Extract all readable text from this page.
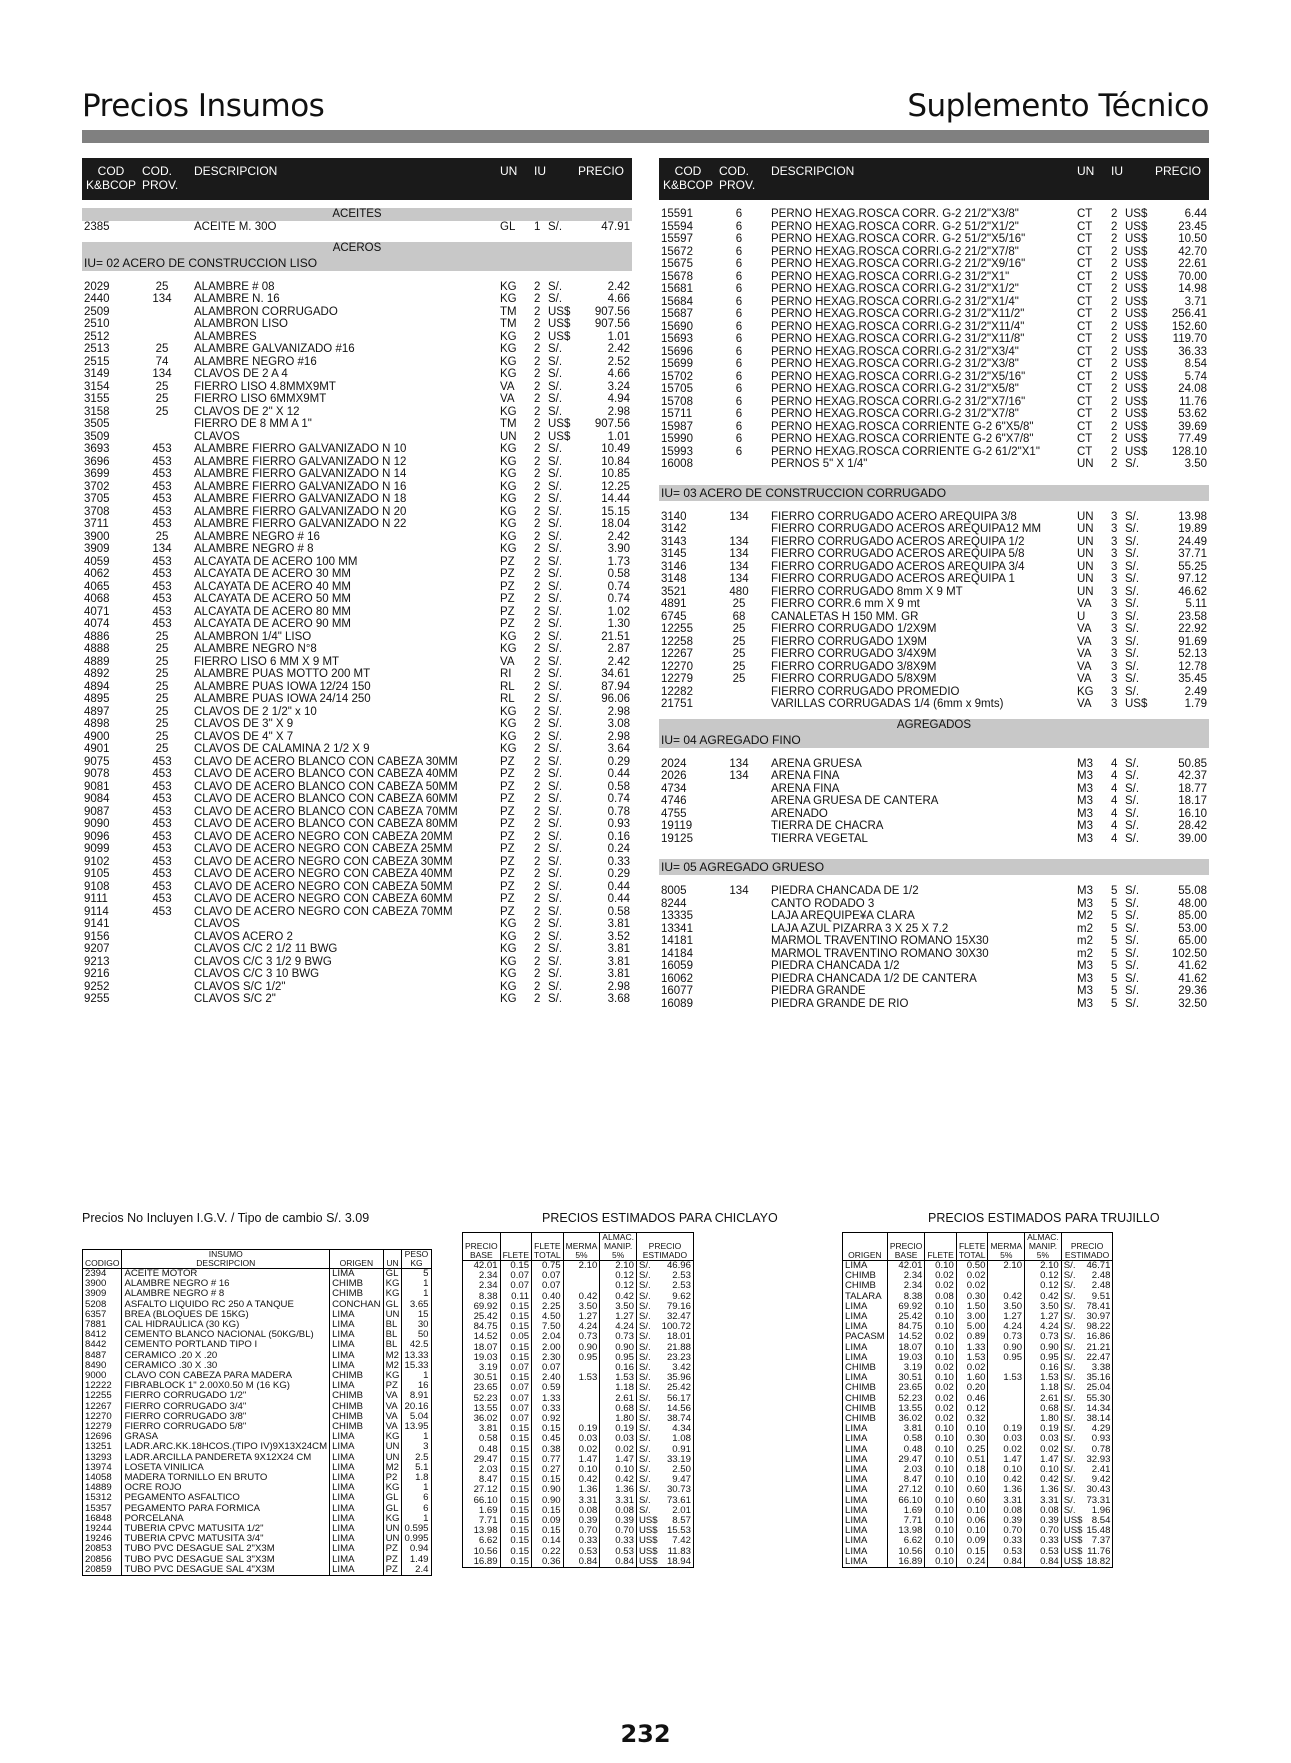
Precios Insumos	Suplemento Técnico
COD
K&BCOP
COD.
PROV.
DESCRIPCION	UN IU	PRECIO
ACEITES
2385	ACEITE M. 30O	GL 1 S/.	47.91
ACEROS
IU= 02 ACERO DE CONSTRUCCION LISO
2029	25	ALAMBRE # 08	KG 2 S/.	2.42
2440	134	ALAMBRE N. 16	KG 2 S/.	4.66
2509	ALAMBRON CORRUGADO	TM 2 US$ 907.56
2510	ALAMBRON LISO	TM 2 US$ 907.56
2512	ALAMBRES	KG 2 US$	1.01
2513	25	ALAMBRE GALVANIZADO #16	KG 2 S/.	2.42
2515	74	ALAMBRE NEGRO #16	KG 2 S/.	2.52
3149	134	CLAVOS DE 2 A 4	KG 2 S/.	4.66
3154	25	FIERRO LISO 4.8MMX9MT	VA 2 S/.	3.24
3155	25	FIERRO LISO 6MMX9MT	VA 2 S/.	4.94
3158	25	CLAVOS DE 2" X 12	KG 2 S/.	2.98
3505	FIERRO DE 8 MM A 1"	TM 2 US$ 907.56
3509	CLAVOS	UN 2 US$	1.01
3693	453	ALAMBRE FIERRO GALVANIZADO N 10	KG 2 S/.	10.49
3696	453	ALAMBRE FIERRO GALVANIZADO N 12	KG 2 S/.	10.84
3699	453	ALAMBRE FIERRO GALVANIZADO N 14	KG 2 S/.	10.85
3702	453	ALAMBRE FIERRO GALVANIZADO N 16	KG 2 S/.	12.25
3705	453	ALAMBRE FIERRO GALVANIZADO N 18	KG 2 S/.	14.44
3708	453	ALAMBRE FIERRO GALVANIZADO N 20	KG 2 S/.	15.15
3711	453	ALAMBRE FIERRO GALVANIZADO N 22	KG 2 S/.	18.04
3900	25	ALAMBRE NEGRO # 16	KG 2 S/.	2.42
3909	134	ALAMBRE NEGRO # 8	KG 2 S/.	3.90
4059	453	ALCAYATA DE ACERO 100 MM	PZ 2 S/.	1.73
4062	453	ALCAYATA DE ACERO 30 MM	PZ 2 S/.	0.58
4065	453	ALCAYATA DE ACERO 40 MM	PZ 2 S/.	0.74
4068	453	ALCAYATA DE ACERO 50 MM	PZ 2 S/.	0.74
4071	453	ALCAYATA DE ACERO 80 MM	PZ 2 S/.	1.02
4074	453	ALCAYATA DE ACERO 90 MM	PZ 2 S/.	1.30
4886	25	ALAMBRON 1/4" LISO	KG 2 S/.	21.51
4888	25	ALAMBRE NEGRO N°8	KG 2 S/.	2.87
4889	25	FIERRO LISO 6 MM X 9 MT	VA 2 S/.	2.42
4892	25	ALAMBRE PUAS MOTTO 200 MT	RI 2 S/.	34.61
4894	25	ALAMBRE PUAS IOWA 12/24 150	RL 2 S/.	87.94
4895	25	ALAMBRE PUAS IOWA 24/14 250	RL 2 S/.	96.06
4897	25	CLAVOS DE 2 1/2" x 10	KG 2 S/.	2.98
4898	25	CLAVOS DE 3" X 9	KG 2 S/.	3.08
4900	25	CLAVOS DE 4" X 7	KG 2 S/.	2.98
4901	25	CLAVOS DE CALAMINA 2 1/2 X 9	KG 2 S/.	3.64
9075	453	CLAVO DE ACERO BLANCO CON CABEZA 30MM	PZ 2 S/.	0.29
9078	453	CLAVO DE ACERO BLANCO CON CABEZA 40MM	PZ 2 S/.	0.44
9081	453	CLAVO DE ACERO BLANCO CON CABEZA 50MM	PZ 2 S/.	0.58
9084	453	CLAVO DE ACERO BLANCO CON CABEZA 60MM	PZ 2 S/.	0.74
9087	453	CLAVO DE ACERO BLANCO CON CABEZA 70MM	PZ 2 S/.	0.78
9090	453	CLAVO DE ACERO BLANCO CON CABEZA 80MM	PZ 2 S/.	0.93
9096	453	CLAVO DE ACERO NEGRO CON CABEZA 20MM	PZ 2 S/.	0.16
9099	453	CLAVO DE ACERO NEGRO CON CABEZA 25MM	PZ 2 S/.	0.24
9102	453	CLAVO DE ACERO NEGRO CON CABEZA 30MM	PZ 2 S/.	0.33
9105	453	CLAVO DE ACERO NEGRO CON CABEZA 40MM	PZ 2 S/.	0.29
9108	453	CLAVO DE ACERO NEGRO CON CABEZA 50MM	PZ 2 S/.	0.44
9111	453	CLAVO DE ACERO NEGRO CON CABEZA 60MM	PZ 2 S/.	0.44
9114	453	CLAVO DE ACERO NEGRO CON CABEZA 70MM	PZ 2 S/.	0.58
9141	CLAVOS	KG 2 S/.	3.81
9156	CLAVOS ACERO 2	KG 2 S/.	3.52
9207	CLAVOS C/C 2 1/2 11 BWG	KG 2 S/.	3.81
9213	CLAVOS C/C 3 1/2 9 BWG	KG 2 S/.	3.81
9216	CLAVOS C/C 3 10 BWG	KG 2 S/.	3.81
9252	CLAVOS S/C 1/2"	KG 2 S/.	2.98
9255	CLAVOS S/C 2"	KG 2 S/.	3.68
COD
K&BCOP
COD.
PROV.
DESCRIPCION	UN IU	PRECIO
15591	6	PERNO HEXAG.ROSCA CORR. G-2 21/2"X3/8"	CT 2 US$	6.44
15594	6	PERNO HEXAG.ROSCA CORR. G-2 51/2"X1/2"	CT 2 US$	23.45
15597	6	PERNO HEXAG.ROSCA CORR. G-2 51/2"X5/16"	CT 2 US$	10.50
15672	6	PERNO HEXAG.ROSCA CORRI.G-2 21/2"X7/8"	CT 2 US$	42.70
15675	6	PERNO HEXAG.ROSCA CORRI.G-2 21/2"X9/16"	CT 2 US$	22.61
15678	6	PERNO HEXAG.ROSCA CORRI.G-2 31/2"X1"	CT 2 US$	70.00
15681	6	PERNO HEXAG.ROSCA CORRI.G-2 31/2"X1/2"	CT 2 US$	14.98
15684	6	PERNO HEXAG.ROSCA CORRI.G-2 31/2"X1/4"	CT 2 US$	3.71
15687	6	PERNO HEXAG.ROSCA CORRI.G-2 31/2"X11/2"	CT 2 US$ 256.41
15690	6	PERNO HEXAG.ROSCA CORRI.G-2 31/2"X11/4"	CT 2 US$ 152.60
15693	6	PERNO HEXAG.ROSCA CORRI.G-2 31/2"X11/8"	CT 2 US$ 119.70
15696	6	PERNO HEXAG.ROSCA CORRI.G-2 31/2"X3/4"	CT 2 US$	36.33
15699	6	PERNO HEXAG.ROSCA CORRI.G-2 31/2"X3/8"	CT 2 US$	8.54
15702	6	PERNO HEXAG.ROSCA CORRI.G-2 31/2"X5/16"	CT 2 US$	5.74
15705	6	PERNO HEXAG.ROSCA CORRI.G-2 31/2"X5/8"	CT 2 US$	24.08
15708	6	PERNO HEXAG.ROSCA CORRI.G-2 31/2"X7/16"	CT 2 US$	11.76
15711	6	PERNO HEXAG.ROSCA CORRI.G-2 31/2"X7/8"	CT 2 US$	53.62
15987	6	PERNO HEXAG.ROSCA CORRIENTE G-2 6"X5/8"	CT 2 US$	39.69
15990	6	PERNO HEXAG.ROSCA CORRIENTE G-2 6"X7/8"	CT 2 US$	77.49
15993	6	PERNO HEXAG.ROSCA CORRIENTE G-2 61/2"X1"	CT 2 US$ 128.10
16008	PERNOS 5" X 1/4"	UN 2 S/.	3.50
IU= 03 ACERO DE CONSTRUCCION CORRUGADO
3140	134	FIERRO CORRUGADO ACERO AREQUIPA 3/8	UN 3 S/.	13.98
3142	FIERRO CORRUGADO ACEROS AREQUIPA12 MM	UN 3 S/.	19.89
3143	134	FIERRO CORRUGADO ACEROS AREQUIPA 1/2	UN 3 S/.	24.49
3145	134	FIERRO CORRUGADO ACEROS AREQUIPA 5/8	UN 3 S/.	37.71
3146	134	FIERRO CORRUGADO ACEROS AREQUIPA 3/4	UN 3 S/.	55.25
3148	134	FIERRO CORRUGADO ACEROS AREQUIPA 1	UN 3 S/.	97.12
3521	480	FIERRO CORRUGADO 8mm X 9 MT	UN 3 S/.	46.62
4891	25	FIERRO CORR.6 mm X 9 mt	VA 3 S/.	5.11
6745	68	CANALETAS H 150 MM. GR	U 3 S/.	23.58
12255	25	FIERRO CORRUGADO 1/2X9M	VA 3 S/.	22.92
12258	25	FIERRO CORRUGADO 1X9M	VA 3 S/.	91.69
12267	25	FIERRO CORRUGADO 3/4X9M	VA 3 S/.	52.13
12270	25	FIERRO CORRUGADO 3/8X9M	VA 3 S/.	12.78
12279	25	FIERRO CORRUGADO 5/8X9M	VA 3 S/.	35.45
12282	FIERRO CORRUGADO PROMEDIO	KG 3 S/.	2.49
21751	VARILLAS CORRUGADAS 1/4 (6mm x 9mts)	VA 3 US$	1.79
AGREGADOS
IU= 04 AGREGADO FINO
2024	134	ARENA GRUESA	M3 4 S/.	50.85
2026	134	ARENA FINA	M3 4 S/.	42.37
4734	ARENA FINA	M3 4 S/.	18.77
4746	ARENA GRUESA DE CANTERA	M3 4 S/.	18.17
4755	ARENADO	M3 4 S/.	16.10
19119	TIERRA DE CHACRA	M3 4 S/.	28.42
19125	TIERRA VEGETAL	M3 4 S/.	39.00
IU= 05 AGREGADO GRUESO
8005	134	PIEDRA CHANCADA DE 1/2	M3 5 S/.	55.08
8244	CANTO RODADO 3	M3 5 S/.	48.00
13335	LAJA AREQUIPE¥A CLARA	M2 5 S/.	85.00
13341	LAJA AZUL PIZARRA 3 X 25 X 7.2	m2 5 S/.	53.00
14181	MARMOL TRAVENTINO ROMANO 15X30	m2 5 S/.	65.00
14184	MARMOL TRAVENTINO ROMANO 30X30	m2 5 S/.	102.50
16059	PIEDRA CHANCADA 1/2	M3 5 S/.	41.62
16062	PIEDRA CHANCADA 1/2 DE CANTERA	M3 5 S/.	41.62
16077	PIEDRA GRANDE	M3 5 S/.	29.36
16089	PIEDRA GRANDE DE RIO	M3 5 S/.	32.50
Precios No Incluyen I.G.V. / Tipo de cambio S/. 3.09	PRECIOS ESTIMADOS PARA CHICLAYO	PRECIOS ESTIMADOS PARA TRUJILLO
CODIGO	INSUMO
DESCRIPCION	ORIGEN	UN	PESO
KG
2394	ACEITE MOTOR	LIMA	GL	5
3900	ALAMBRE NEGRO # 16	CHIMB	KG	1
3909	ALAMBRE NEGRO # 8	CHIMB	KG	1
5208	ASFALTO LIQUIDO RC 250 A TANQUE	CONCHAN	GL	3.65
6357	BREA (BLOQUES DE 15KG)	LIMA	UN	15
7881	CAL HIDRAULICA (30 KG)	LIMA	BL	30
8412	CEMENTO BLANCO NACIONAL (50KG/BL)	LIMA	BL	50
8442	CEMENTO PORTLAND TIPO I	LIMA	BL	42.5
8487	CERAMICO .20 X .20	LIMA	M2	13.33
8490	CERAMICO .30 X .30	LIMA	M2	15.33
9000	CLAVO CON CABEZA PARA MADERA	CHIMB	KG	1
12222	FIBRABLOCK 1" 2.00X0.50 M (16 KG)	LIMA	PZ	16
12255	FIERRO CORRUGADO 1/2"	CHIMB	VA	8.91
12267	FIERRO CORRUGADO 3/4"	CHIMB	VA	20.16
12270	FIERRO CORRUGADO 3/8"	CHIMB	VA	5.04
12279	FIERRO CORRUGADO 5/8"	CHIMB	VA	13.95
12696	GRASA	LIMA	KG	1
13251	LADR.ARC.KK.18HCOS.(TIPO IV)9X13X24CM	LIMA	UN	3
13293	LADR.ARCILLA PANDERETA 9X12X24 CM	LIMA	UN	2.5
13974	LOSETA VINILICA	LIMA	M2	5.1
14058	MADERA TORNILLO EN BRUTO	LIMA	P2	1.8
14889	OCRE ROJO	LIMA	KG	1
15312	PEGAMENTO ASFALTICO	LIMA	GL	6
15357	PEGAMENTO PARA FORMICA	LIMA	GL	6
16848	PORCELANA	LIMA	KG	1
19244	TUBERIA CPVC MATUSITA 1/2"	LIMA	UN	0.595
19246	TUBERIA CPVC MATUSITA 3/4"	LIMA	UN	0.995
20853	TUBO PVC DESAGUE SAL 2"X3M	LIMA	PZ	0.94
20856	TUBO PVC DESAGUE SAL 3"X3M	LIMA	PZ	1.49
20859	TUBO PVC DESAGUE SAL 4"X3M	LIMA	PZ	2.4
PRECIO
BASE	FLETE	FLETE
TOTAL	MERMA
5%	ALMAC.
MANIP.
5%	PRECIO
ESTIMADO	
42.01	0.15	0.75	2.10	2.10	S/.	46.96
2.34	0.07	0.07		0.12	S/.	2.53
2.34	0.07	0.07		0.12	S/.	2.53
8.38	0.11	0.40	0.42	0.42	S/.	9.62
69.92	0.15	2.25	3.50	3.50	S/.	79.16
25.42	0.15	4.50	1.27	1.27	S/.	32.47
84.75	0.15	7.50	4.24	4.24	S/.	100.72
14.52	0.05	2.04	0.73	0.73	S/.	18.01
18.07	0.15	2.00	0.90	0.90	S/.	21.88
19.03	0.15	2.30	0.95	0.95	S/.	23.23
3.19	0.07	0.07		0.16	S/.	3.42
30.51	0.15	2.40	1.53	1.53	S/.	35.96
23.65	0.07	0.59		1.18	S/.	25.42
52.23	0.07	1.33		2.61	S/.	56.17
13.55	0.07	0.33		0.68	S/.	14.56
36.02	0.07	0.92		1.80	S/.	38.74
3.81	0.15	0.15	0.19	0.19	S/.	4.34
0.58	0.15	0.45	0.03	0.03	S/.	1.08
0.48	0.15	0.38	0.02	0.02	S/.	0.91
29.47	0.15	0.77	1.47	1.47	S/.	33.19
2.03	0.15	0.27	0.10	0.10	S/.	2.50
8.47	0.15	0.15	0.42	0.42	S/.	9.47
27.12	0.15	0.90	1.36	1.36	S/.	30.73
66.10	0.15	0.90	3.31	3.31	S/.	73.61
1.69	0.15	0.15	0.08	0.08	S/.	2.01
7.71	0.15	0.09	0.39	0.39	US$	8.57
13.98	0.15	0.15	0.70	0.70	US$	15.53
6.62	0.15	0.14	0.33	0.33	US$	7.42
10.56	0.15	0.22	0.53	0.53	US$	11.83
16.89	0.15	0.36	0.84	0.84	US$	18.94
ORIGEN	PRECIO
BASE	FLETE	FLETE
TOTAL	MERMA
5%	ALMAC.
MANIP.
5%	PRECIO
ESTIMADO	
LIMA	42.01	0.10	0.50	2.10	2.10	S/.	46.71
CHIMB	2.34	0.02	0.02		0.12	S/.	2.48
CHIMB	2.34	0.02	0.02		0.12	S/.	2.48
TALARA	8.38	0.08	0.30	0.42	0.42	S/.	9.51
LIMA	69.92	0.10	1.50	3.50	3.50	S/.	78.41
LIMA	25.42	0.10	3.00	1.27	1.27	S/.	30.97
LIMA	84.75	0.10	5.00	4.24	4.24	S/.	98.22
PACASM	14.52	0.02	0.89	0.73	0.73	S/.	16.86
LIMA	18.07	0.10	1.33	0.90	0.90	S/.	21.21
LIMA	19.03	0.10	1.53	0.95	0.95	S/.	22.47
CHIMB	3.19	0.02	0.02		0.16	S/.	3.38
LIMA	30.51	0.10	1.60	1.53	1.53	S/.	35.16
CHIMB	23.65	0.02	0.20		1.18	S/.	25.04
CHIMB	52.23	0.02	0.46		2.61	S/.	55.30
CHIMB	13.55	0.02	0.12		0.68	S/.	14.34
CHIMB	36.02	0.02	0.32		1.80	S/.	38.14
LIMA	3.81	0.10	0.10	0.19	0.19	S/.	4.29
LIMA	0.58	0.10	0.30	0.03	0.03	S/.	0.93
LIMA	0.48	0.10	0.25	0.02	0.02	S/.	0.78
LIMA	29.47	0.10	0.51	1.47	1.47	S/.	32.93
LIMA	2.03	0.10	0.18	0.10	0.10	S/.	2.41
LIMA	8.47	0.10	0.10	0.42	0.42	S/.	9.42
LIMA	27.12	0.10	0.60	1.36	1.36	S/.	30.43
LIMA	66.10	0.10	0.60	3.31	3.31	S/.	73.31
LIMA	1.69	0.10	0.10	0.08	0.08	S/.	1.96
LIMA	7.71	0.10	0.06	0.39	0.39	US$	8.54
LIMA	13.98	0.10	0.10	0.70	0.70	US$	15.48
LIMA	6.62	0.10	0.09	0.33	0.33	US$	7.37
LIMA	10.56	0.10	0.15	0.53	0.53	US$	11.76
LIMA	16.89	0.10	0.24	0.84	0.84	US$	18.82
232
